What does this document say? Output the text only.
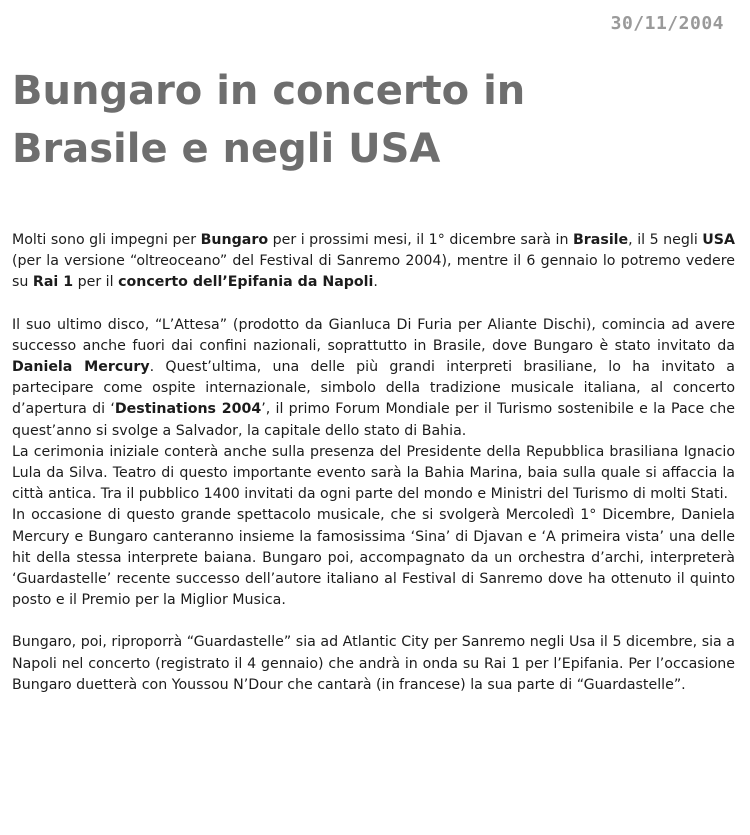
30/11/2004
Bungaro in concerto in
Brasile e negli USA

Molti sono gli impegni per Bungaro per i prossimi mesi, il 1° dicembre sarà in Brasile, il 5 negli USA (per la versione “oltreoceano” del Festival di Sanremo 2004), mentre il 6 gennaio lo potremo vedere su Rai 1 per il concerto dell’Epifania da Napoli.

Il suo ultimo disco, “L’Attesa” (prodotto da Gianluca Di Furia per Aliante Dischi), comincia ad avere successo anche fuori dai confini nazionali, soprattutto in Brasile, dove Bungaro è stato invitato da Daniela Mercury. Quest’ultima, una delle più grandi interpreti brasiliane, lo ha invitato a partecipare come ospite internazionale, simbolo della tradizione musicale italiana, al concerto d’apertura di ‘Destinations 2004’, il primo Forum Mondiale per il Turismo sostenibile e la Pace che quest’anno si svolge a Salvador, la capitale dello stato di Bahia.

La cerimonia iniziale conterà anche sulla presenza del Presidente della Repubblica brasiliana Ignacio Lula da Silva. Teatro di questo importante evento sarà la Bahia Marina, baia sulla quale si affaccia la città antica. Tra il pubblico 1400 invitati da ogni parte del mondo e Ministri del Turismo di molti Stati.

In occasione di questo grande spettacolo musicale, che si svolgerà Mercoledì 1° Dicembre, Daniela Mercury e Bungaro canteranno insieme la famosissima ‘Sina’ di Djavan e ‘A primeira vista’ una delle hit della stessa interprete baiana. Bungaro poi, accompagnato da un orchestra d’archi, interpreterà ‘Guardastelle’ recente successo dell’autore italiano al Festival di Sanremo dove ha ottenuto il quinto posto e il Premio per la Miglior Musica.

Bungaro, poi, riproporrà “Guardastelle” sia ad Atlantic City per Sanremo negli Usa il 5 dicembre, sia a Napoli nel concerto (registrato il 4 gennaio) che andrà in onda su Rai 1 per l’Epifania. Per l’occasione Bungaro duetterà con Youssou N’Dour che cantarà (in francese) la sua parte di “Guardastelle”.
